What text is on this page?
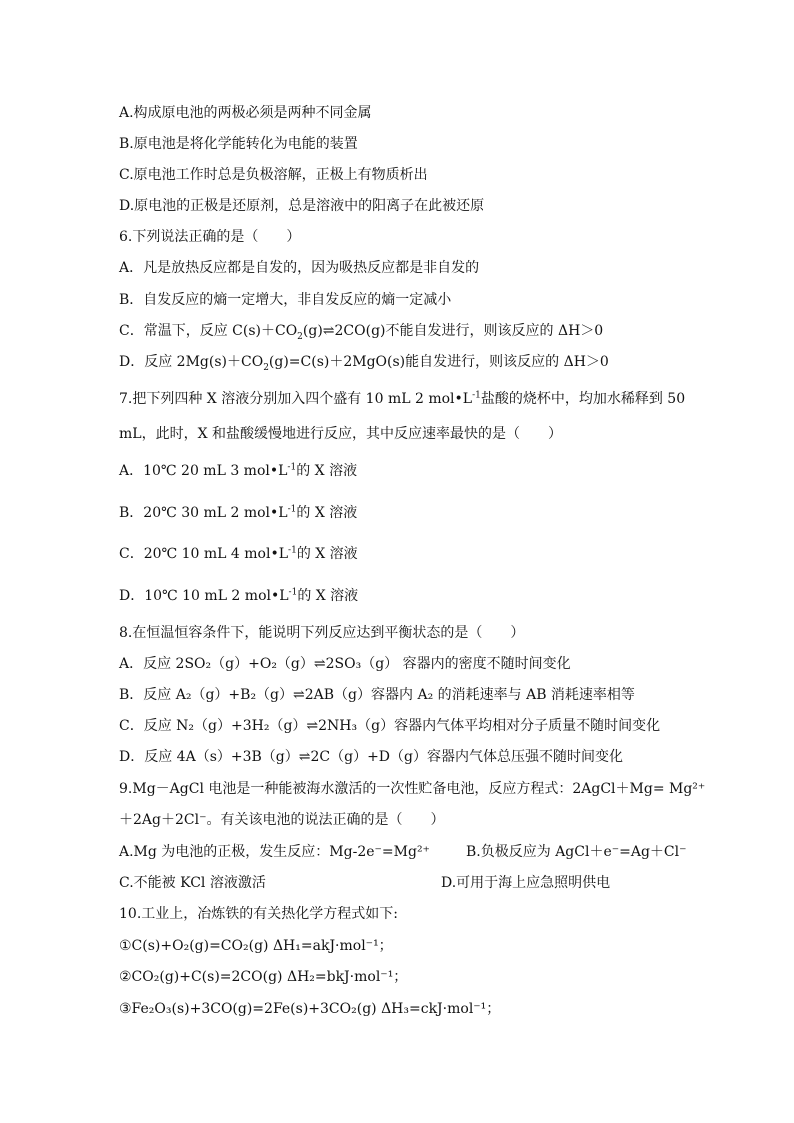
A.构成原电池的两极必须是两种不同金属
B.原电池是将化学能转化为电能的装置
C.原电池工作时总是负极溶解，正极上有物质析出
D.原电池的正极是还原剂，总是溶液中的阳离子在此被还原
6.下列说法正确的是（　　）
A．凡是放热反应都是自发的，因为吸热反应都是非自发的
B．自发反应的熵一定增大，非自发反应的熵一定减小
C．常温下，反应 $C(s)+CO_2(g)\rightleftharpoons 2CO(g)$不能自发进行，则该反应的 ΔH＞0
D．反应 $2Mg(s)+CO_2(g)=C(s)+2MgO(s)$能自发进行，则该反应的 ΔH＞0
7.把下列四种 X 溶液分别加入四个盛有 10 mL 2 $mol•L^{-1}$盐酸的烧杯中，均加水稀释到 50
mL，此时，X 和盐酸缓慢地进行反应，其中反应速率最快的是（　　）
A．10℃ 20 mL 3 $mol•L^{-1}$的 X 溶液
B．20℃ 30 mL 2 $mol•L^{-1}$的 X 溶液
C．20℃ 10 mL 4 $mol•L^{-1}$的 X 溶液
D．10℃ 10 mL 2 $mol•L^{-1}$的 X 溶液
8.在恒温恒容条件下，能说明下列反应达到平衡状态的是（　　）
A．反应 2SO₂（g）+O₂（g）⇌2SO₃（g） 容器内的密度不随时间变化
B．反应 A₂（g）+B₂（g）⇌2AB（g）容器内 A₂ 的消耗速率与 AB 消耗速率相等
C．反应 N₂（g）+3H₂（g）⇌2NH₃（g）容器内气体平均相对分子质量不随时间变化
D．反应 4A（s）+3B（g）⇌2C（g）+D（g）容器内气体总压强不随时间变化
9.Mg－AgCl 电池是一种能被海水激活的一次性贮备电池，反应方程式：2AgCl＋Mg= Mg²⁺
＋2Ag＋2Cl⁻。有关该电池的说法正确的是（　　）
A.Mg 为电池的正极，发生反应：Mg-2e⁻=Mg²⁺	B.负极反应为 AgCl＋e⁻=Ag＋Cl⁻
C.不能被 KCl 溶液激活	D.可用于海上应急照明供电
10.工业上，冶炼铁的有关热化学方程式如下:
①C(s)+O₂(g)=CO₂(g) ΔH₁=akJ·mol⁻¹；
②CO₂(g)+C(s)=2CO(g) ΔH₂=bkJ·mol⁻¹；
③Fe₂O₃(s)+3CO(g)=2Fe(s)+3CO₂(g) ΔH₃=ckJ·mol⁻¹；
